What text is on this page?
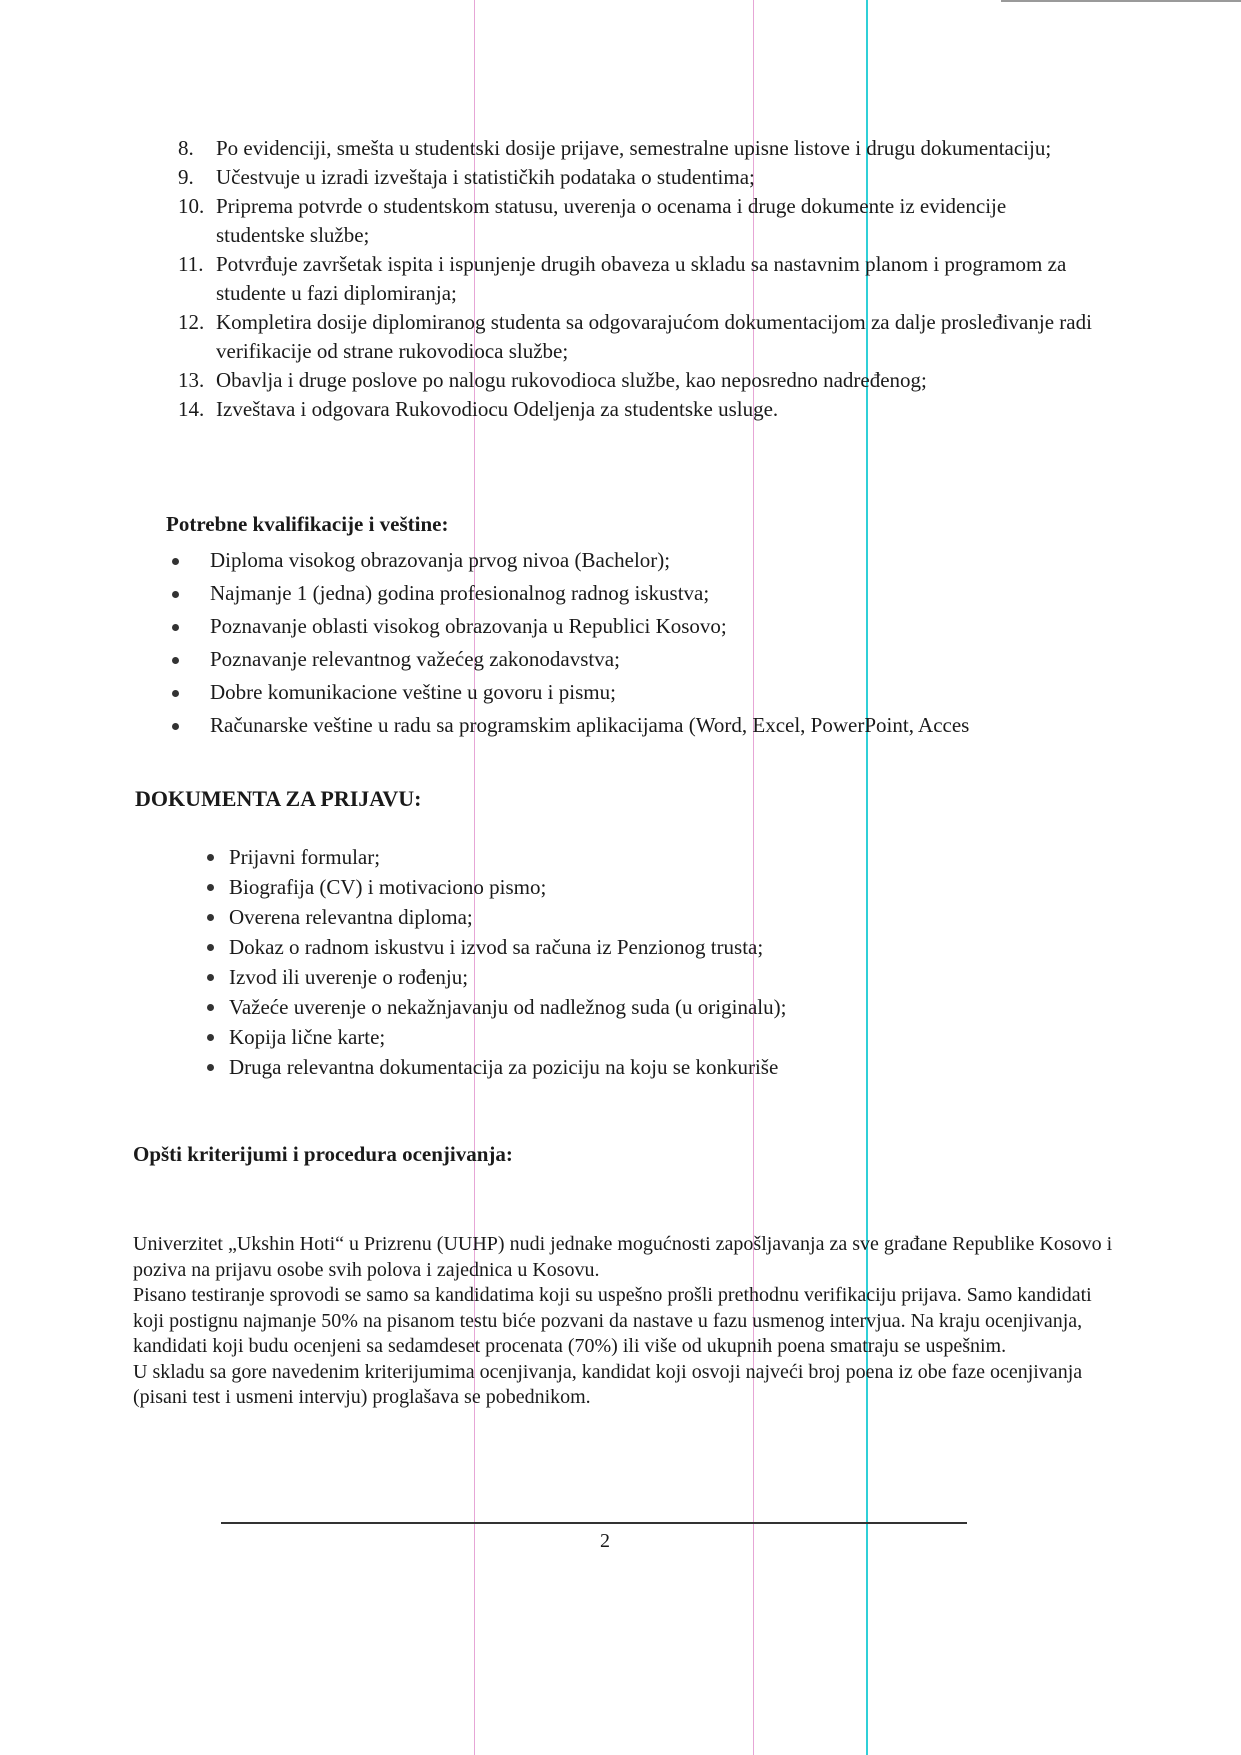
8. Po evidenciji, smešta u studentski dosije prijave, semestralne upisne listove i drugu dokumentaciju;
9. Učestvuje u izradi izveštaja i statističkih podataka o studentima;
10. Priprema potvrde o studentskom statusu, uverenja o ocenama i druge dokumente iz evidencije studentske službe;
11. Potvrđuje završetak ispita i ispunjenje drugih obaveza u skladu sa nastavnim planom i programom za studente u fazi diplomiranja;
12. Kompletira dosije diplomiranog studenta sa odgovarajućom dokumentacijom za dalje prosleđivanje radi verifikacije od strane rukovodioca službe;
13. Obavlja i druge poslove po nalogu rukovodioca službe, kao neposredno nadređenog;
14. Izveštava i odgovara Rukovodiocu Odeljenja za studentske usluge.
Potrebne kvalifikacije i veštine:
Diploma visokog obrazovanja prvog nivoa (Bachelor);
Najmanje 1 (jedna) godina profesionalnog radnog iskustva;
Poznavanje oblasti visokog obrazovanja u Republici Kosovo;
Poznavanje relevantnog važećeg zakonodavstva;
Dobre komunikacione veštine u govoru i pismu;
Računarske veštine u radu sa programskim aplikacijama (Word, Excel, PowerPoint, Acces
DOKUMENTA ZA PRIJAVU:
Prijavni formular;
Biografija (CV) i motivaciono pismo;
Overena relevantna diploma;
Dokaz o radnom iskustvu i izvod sa računa iz Penzionog trusta;
Izvod ili uverenje o rođenju;
Važeće uverenje o nekažnjavanju od nadležnog suda (u originalu);
Kopija lične karte;
Druga relevantna dokumentacija za poziciju na koju se konkuriše
Opšti kriterijumi i procedura ocenjivanja:

Univerzitet „Ukshin Hoti“ u Prizrenu (UUHP) nudi jednake mogućnosti zapošljavanja za sve građane Republike Kosovo i poziva na prijavu osobe svih polova i zajednica u Kosovu.

Pisano testiranje sprovodi se samo sa kandidatima koji su uspešno prošli prethodnu verifikaciju prijava. Samo kandidati koji postignu najmanje 50% na pisanom testu biće pozvani da nastave u fazu usmenog intervjua. Na kraju ocenjivanja, kandidati koji budu ocenjeni sa sedamdeset procenata (70%) ili više od ukupnih poena smatraju se uspešnim.

U skladu sa gore navedenim kriterijumima ocenjivanja, kandidat koji osvoji najveći broj poena iz obe faze ocenjivanja (pisani test i usmeni intervju) proglašava se pobednikom.

2
